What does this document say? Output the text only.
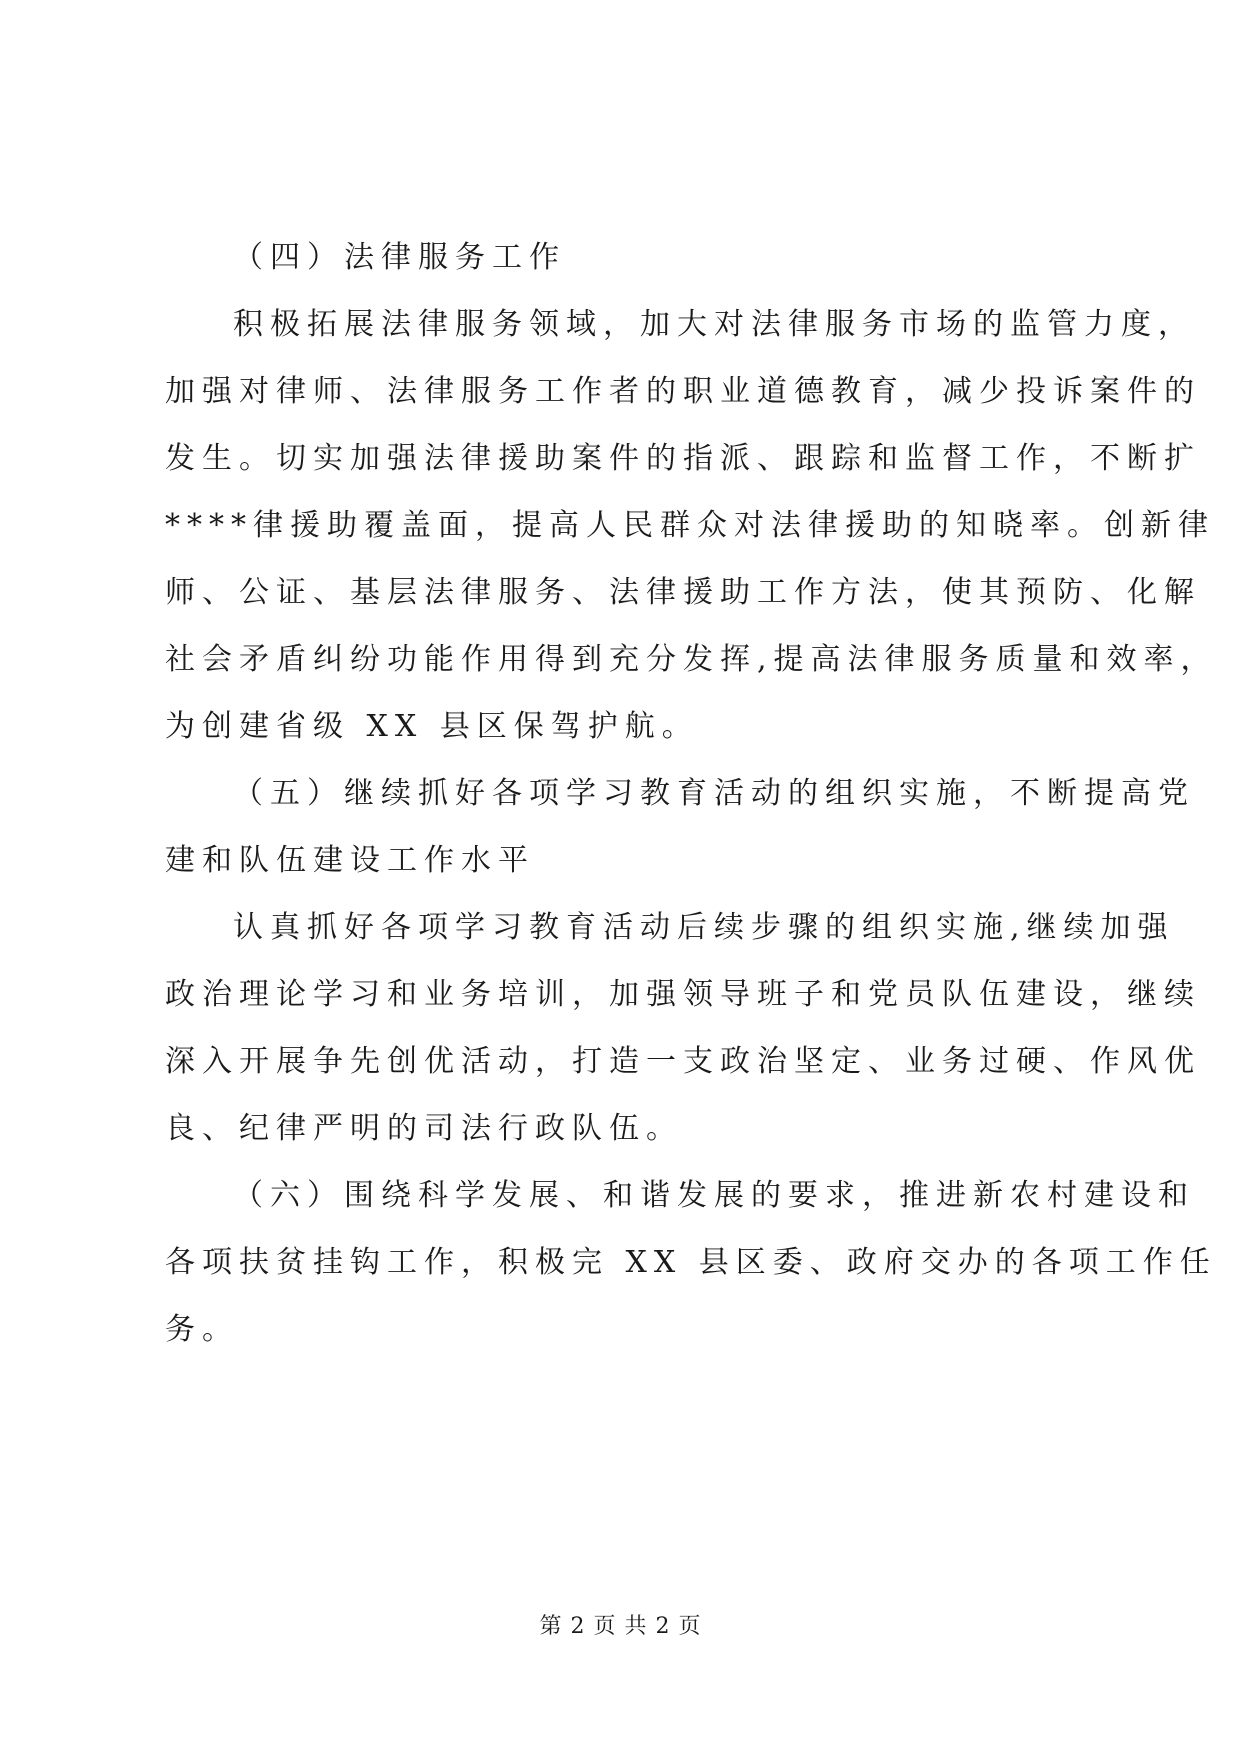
（四）法律服务工作
积极拓展法律服务领域，加大对法律服务市场的监管力度，
加强对律师、法律服务工作者的职业道德教育，减少投诉案件的
发生。切实加强法律援助案件的指派、跟踪和监督工作，不断扩
****律援助覆盖面，提高人民群众对法律援助的知晓率。创新律
师、公证、基层法律服务、法律援助工作方法，使其预防、化解
社会矛盾纠纷功能作用得到充分发挥,提高法律服务质量和效率，
为创建省级 XX 县区保驾护航。
（五）继续抓好各项学习教育活动的组织实施，不断提高党
建和队伍建设工作水平
认真抓好各项学习教育活动后续步骤的组织实施,继续加强
政治理论学习和业务培训，加强领导班子和党员队伍建设，继续
深入开展争先创优活动，打造一支政治坚定、业务过硬、作风优
良、纪律严明的司法行政队伍。
（六）围绕科学发展、和谐发展的要求，推进新农村建设和
各项扶贫挂钩工作，积极完 XX 县区委、政府交办的各项工作任
务。
第 2 页 共 2 页
